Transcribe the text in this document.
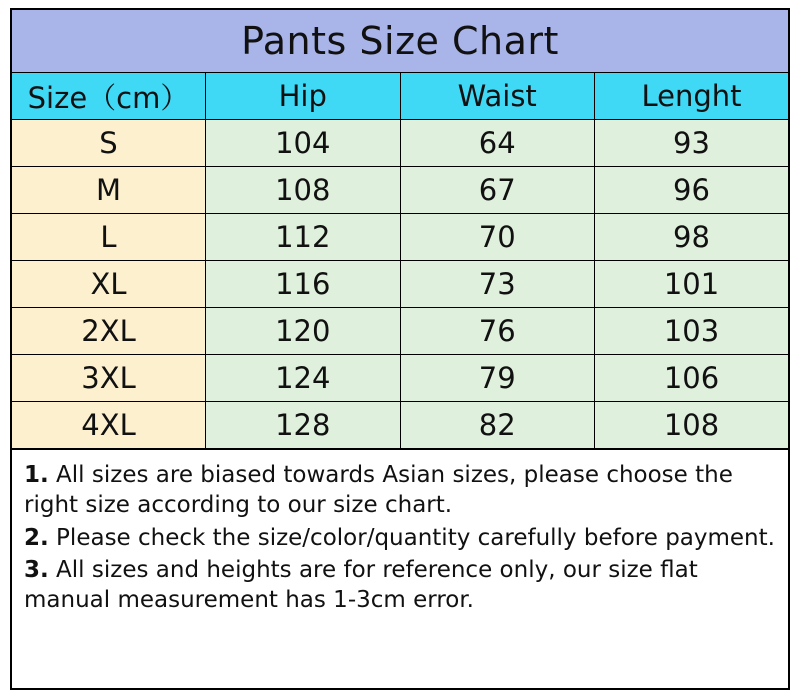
Pants Size Chart			
Size（cm）	Hip	Waist	Lenght
S	104	64	93
M	108	67	96
L	112	70	98
XL	116	73	101
2XL	120	76	103
3XL	124	79	106
4XL	128	82	108

1. All sizes are biased towards Asian sizes, please choose the right size according to our size chart.

2. Please check the size/color/quantity carefully before payment.

3. All sizes and heights are for reference only, our size flat manual measurement has 1-3cm error.
